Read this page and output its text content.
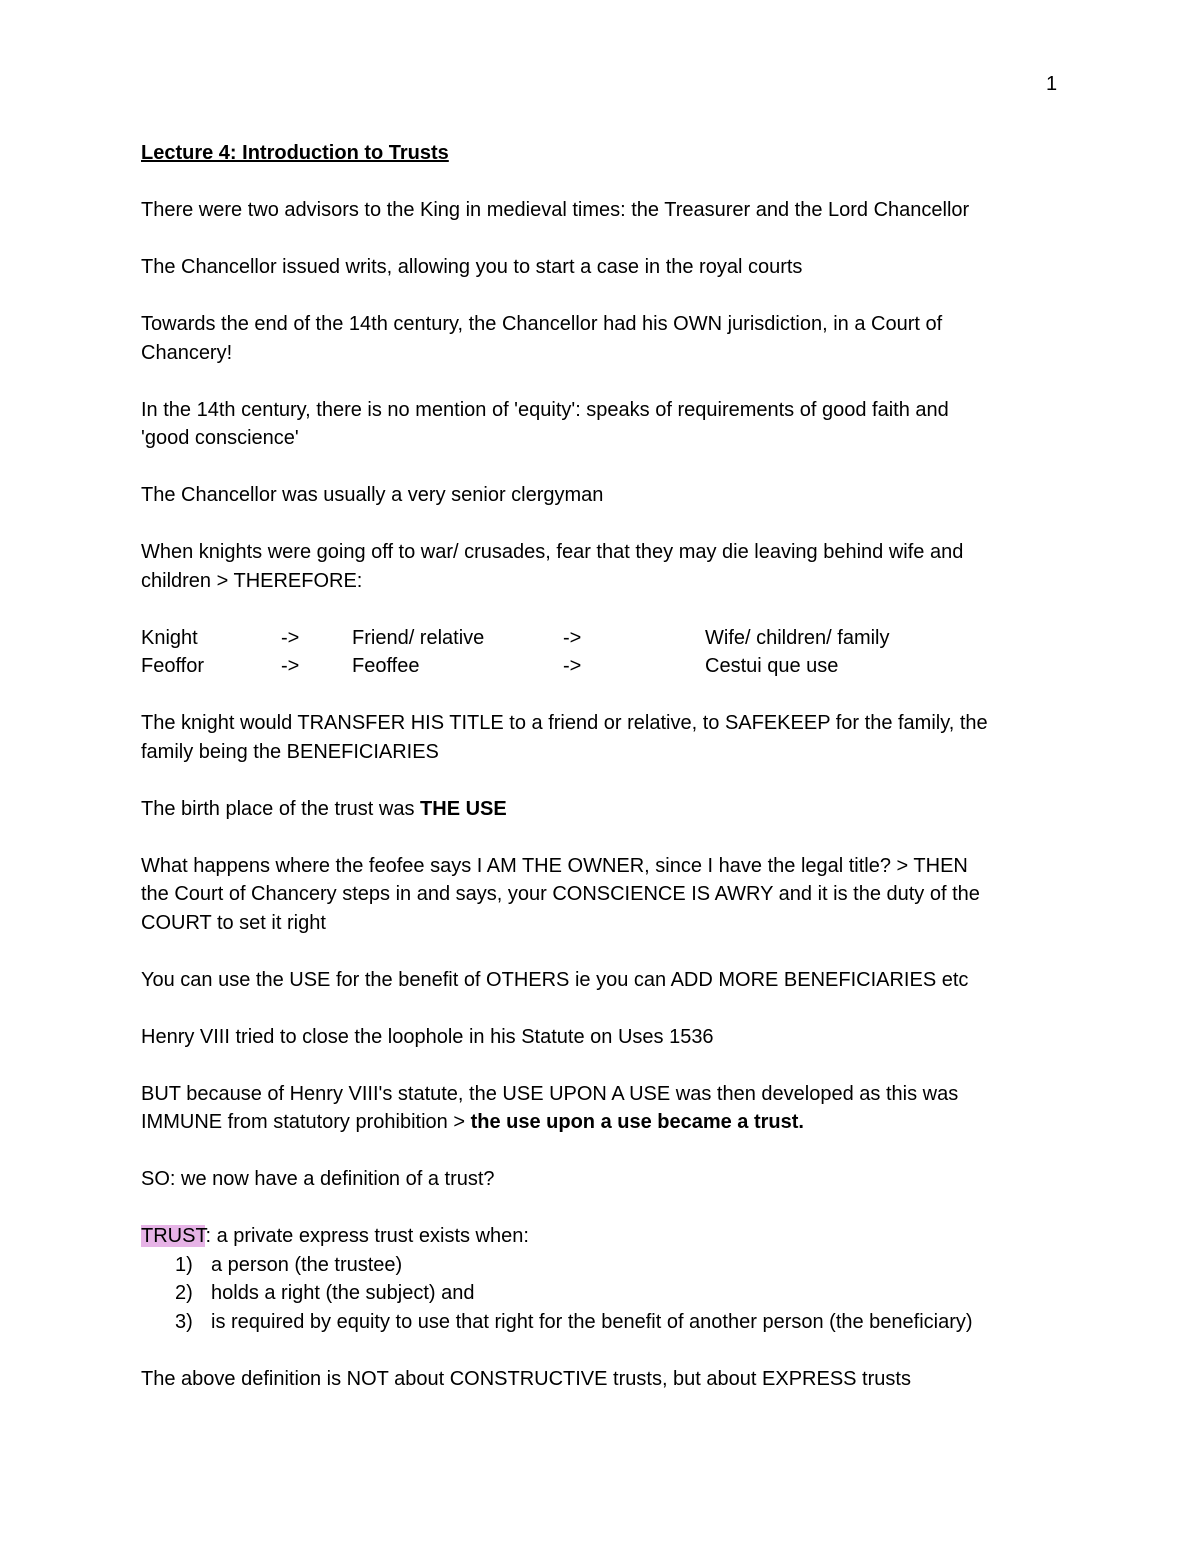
1
Lecture 4: Introduction to Trusts
There were two advisors to the King in medieval times: the Treasurer and the Lord Chancellor
The Chancellor issued writs, allowing you to start a case in the royal courts
Towards the end of the 14th century, the Chancellor had his OWN jurisdiction, in a Court of
Chancery!
In the 14th century, there is no mention of 'equity': speaks of requirements of good faith and
'good conscience'
The Chancellor was usually a very senior clergyman
When knights were going off to war/ crusades, fear that they may die leaving behind wife and
children > THEREFORE:
Knight	->	Friend/ relative	->	Wife/ children/ family
Feoffor	->	Feoffee	->	Cestui que use
The knight would TRANSFER HIS TITLE to a friend or relative, to SAFEKEEP for the family, the
family being the BENEFICIARIES
The birth place of the trust was THE USE
What happens where the feofee says I AM THE OWNER, since I have the legal title? > THEN
the Court of Chancery steps in and says, your CONSCIENCE IS AWRY and it is the duty of the
COURT to set it right
You can use the USE for the benefit of OTHERS ie you can ADD MORE BENEFICIARIES etc
Henry VIII tried to close the loophole in his Statute on Uses 1536
BUT because of Henry VIII's statute, the USE UPON A USE was then developed as this was
IMMUNE from statutory prohibition > the use upon a use became a trust.
SO: we now have a definition of a trust?
TRUST: a private express trust exists when:
1) a person (the trustee)
2) holds a right (the subject) and
3) is required by equity to use that right for the benefit of another person (the beneficiary)
The above definition is NOT about CONSTRUCTIVE trusts, but about EXPRESS trusts
